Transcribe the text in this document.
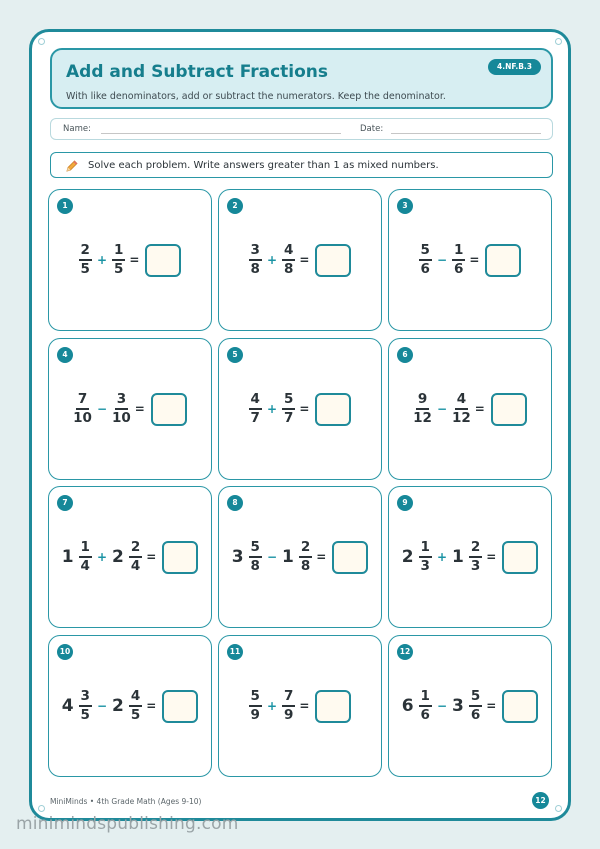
Add and Subtract Fractions
With like denominators, add or subtract the numerators. Keep the denominator.
4.NF.B.3
Name:	Date:
Solve each problem. Write answers greater than 1 as mixed numbers.
1
$\frac{2}{5} + \frac{1}{5}$ =
2
$\frac{3}{8} + \frac{4}{8}$ =
3
$\frac{5}{6} - \frac{1}{6}$ =
4
$\frac{7}{10} - \frac{3}{10}$ =
5
$\frac{4}{7} + \frac{5}{7}$ =
6
$\frac{9}{12} - \frac{4}{12}$ =
7
$1 \frac{1}{4} + 2 \frac{2}{4}$ =
8
$3 \frac{5}{8} - 1 \frac{2}{8}$ =
9
$2 \frac{1}{3} + 1 \frac{2}{3}$ =
10
$4 \frac{3}{5} - 2 \frac{4}{5}$ =
11
$\frac{5}{9} + \frac{7}{9}$ =
12
$6 \frac{1}{6} - 3 \frac{5}{6}$ =
MiniMinds • 4th Grade Math (Ages 9-10)	12
minimindspublishing.com
